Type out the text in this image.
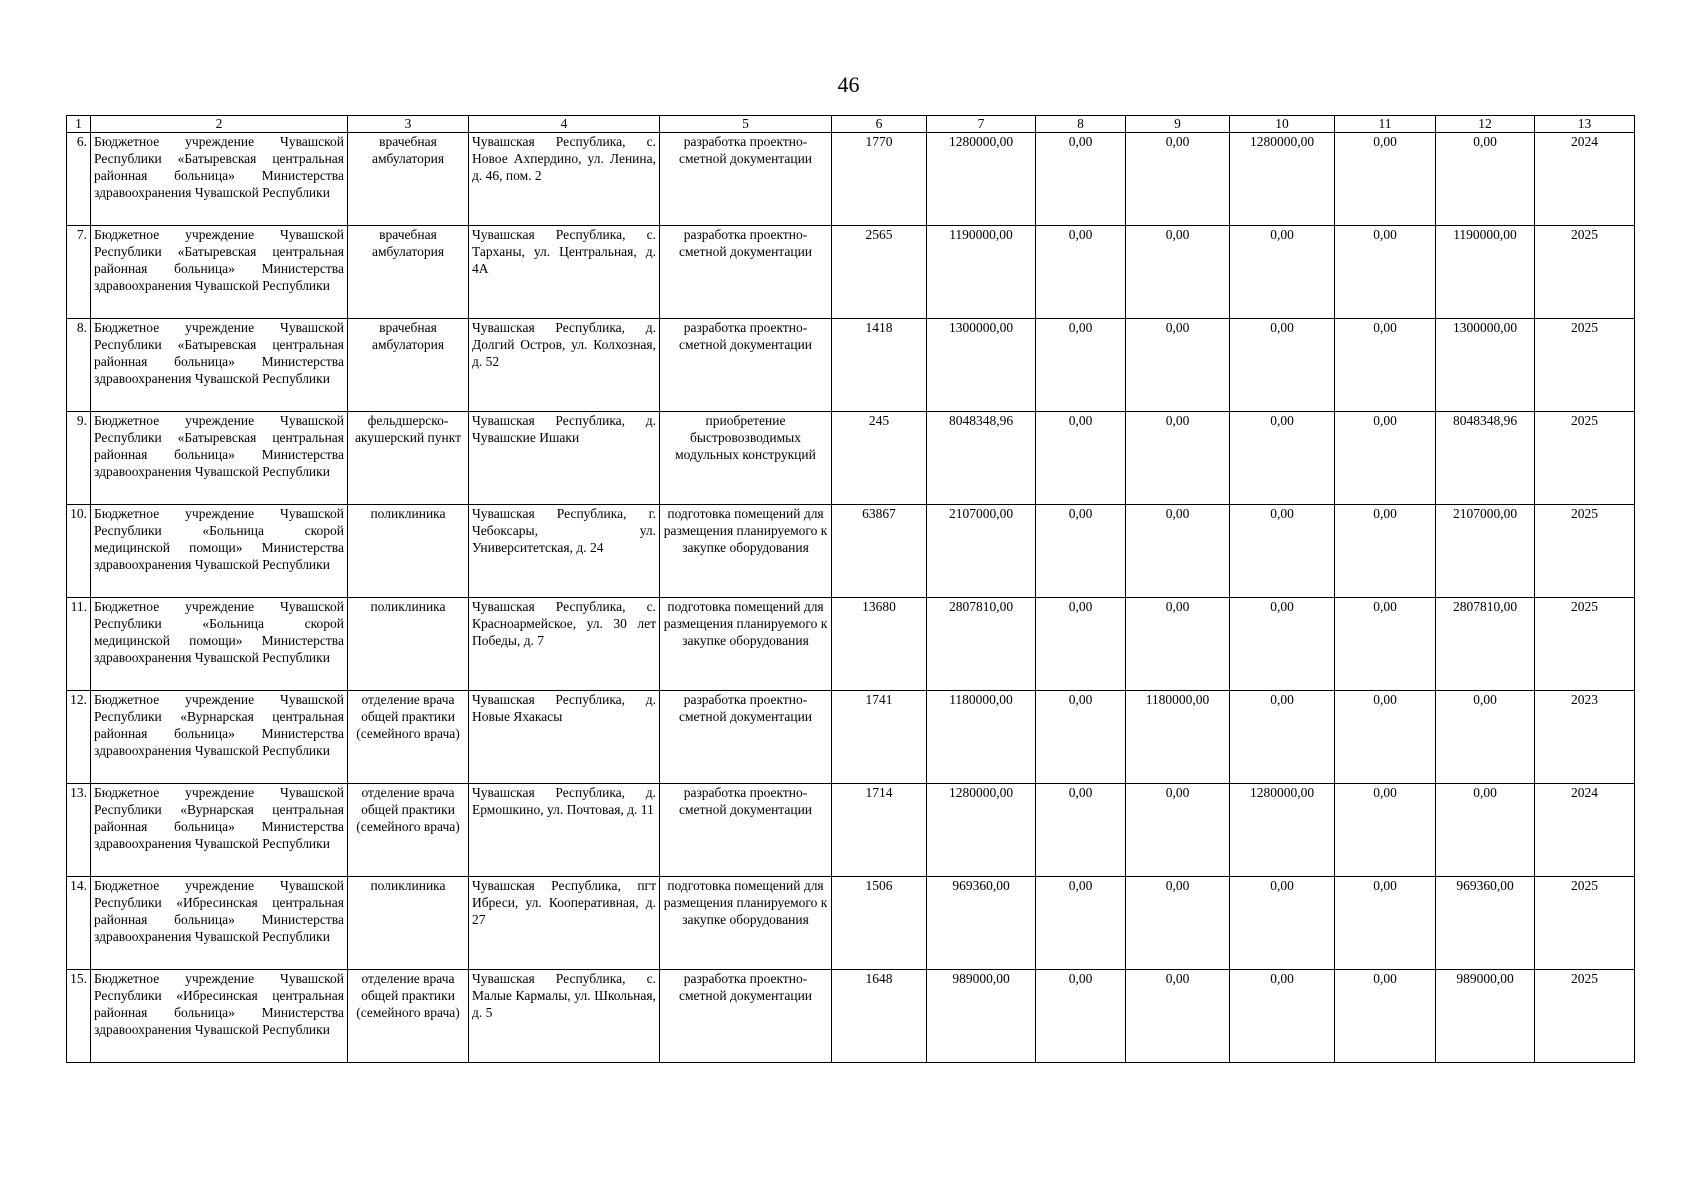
46
1	2	3	4	5	6	7	8	9	10	11	12	13
6.	Бюджетное учреждение Чувашской Республики «Батыревская центральная районная больница» Министерства здравоохранения Чувашской Республики	врачебная амбулатория	Чувашская Республика, с. Новое Ахпердино, ул. Ленина, д. 46, пом. 2	разработка проектно-сметной документации	1770	1280000,00	0,00	0,00	1280000,00	0,00	0,00	2024
7.	Бюджетное учреждение Чувашской Республики «Батыревская центральная районная больница» Министерства здравоохранения Чувашской Республики	врачебная амбулатория	Чувашская Республика, с. Тарханы, ул. Центральная, д. 4А	разработка проектно-сметной документации	2565	1190000,00	0,00	0,00	0,00	0,00	1190000,00	2025
8.	Бюджетное учреждение Чувашской Республики «Батыревская центральная районная больница» Министерства здравоохранения Чувашской Республики	врачебная амбулатория	Чувашская Республика, д. Долгий Остров, ул. Колхозная, д. 52	разработка проектно-сметной документации	1418	1300000,00	0,00	0,00	0,00	0,00	1300000,00	2025
9.	Бюджетное учреждение Чувашской Республики «Батыревская центральная районная больница» Министерства здравоохранения Чувашской Республики	фельдшерско-акушерский пункт	Чувашская Республика, д. Чувашские Ишаки	приобретение быстровозводимых модульных конструкций	245	8048348,96	0,00	0,00	0,00	0,00	8048348,96	2025
10.	Бюджетное учреждение Чувашской Республики «Больница скорой медицинской помощи» Министерства здравоохранения Чувашской Республики	поликлиника	Чувашская Республика, г. Чебоксары, ул. Университетская, д. 24	подготовка помещений для размещения планируемого к закупке оборудования	63867	2107000,00	0,00	0,00	0,00	0,00	2107000,00	2025
11.	Бюджетное учреждение Чувашской Республики «Больница скорой медицинской помощи» Министерства здравоохранения Чувашской Республики	поликлиника	Чувашская Республика, с. Красноармейское, ул. 30 лет Победы, д. 7	подготовка помещений для размещения планируемого к закупке оборудования	13680	2807810,00	0,00	0,00	0,00	0,00	2807810,00	2025
12.	Бюджетное учреждение Чувашской Республики «Вурнарская центральная районная больница» Министерства здравоохранения Чувашской Республики	отделение врача общей практики (семейного врача)	Чувашская Республика, д. Новые Яхакасы	разработка проектно-сметной документации	1741	1180000,00	0,00	1180000,00	0,00	0,00	0,00	2023
13.	Бюджетное учреждение Чувашской Республики «Вурнарская центральная районная больница» Министерства здравоохранения Чувашской Республики	отделение врача общей практики (семейного врача)	Чувашская Республика, д. Ермошкино, ул. Почтовая, д. 11	разработка проектно-сметной документации	1714	1280000,00	0,00	0,00	1280000,00	0,00	0,00	2024
14.	Бюджетное учреждение Чувашской Республики «Ибресинская центральная районная больница» Министерства здравоохранения Чувашской Республики	поликлиника	Чувашская Республика, пгт Ибреси, ул. Кооперативная, д. 27	подготовка помещений для размещения планируемого к закупке оборудования	1506	969360,00	0,00	0,00	0,00	0,00	969360,00	2025
15.	Бюджетное учреждение Чувашской Республики «Ибресинская центральная районная больница» Министерства здравоохранения Чувашской Республики	отделение врача общей практики (семейного врача)	Чувашская Республика, с. Малые Кармалы, ул. Школьная, д. 5	разработка проектно-сметной документации	1648	989000,00	0,00	0,00	0,00	0,00	989000,00	2025
